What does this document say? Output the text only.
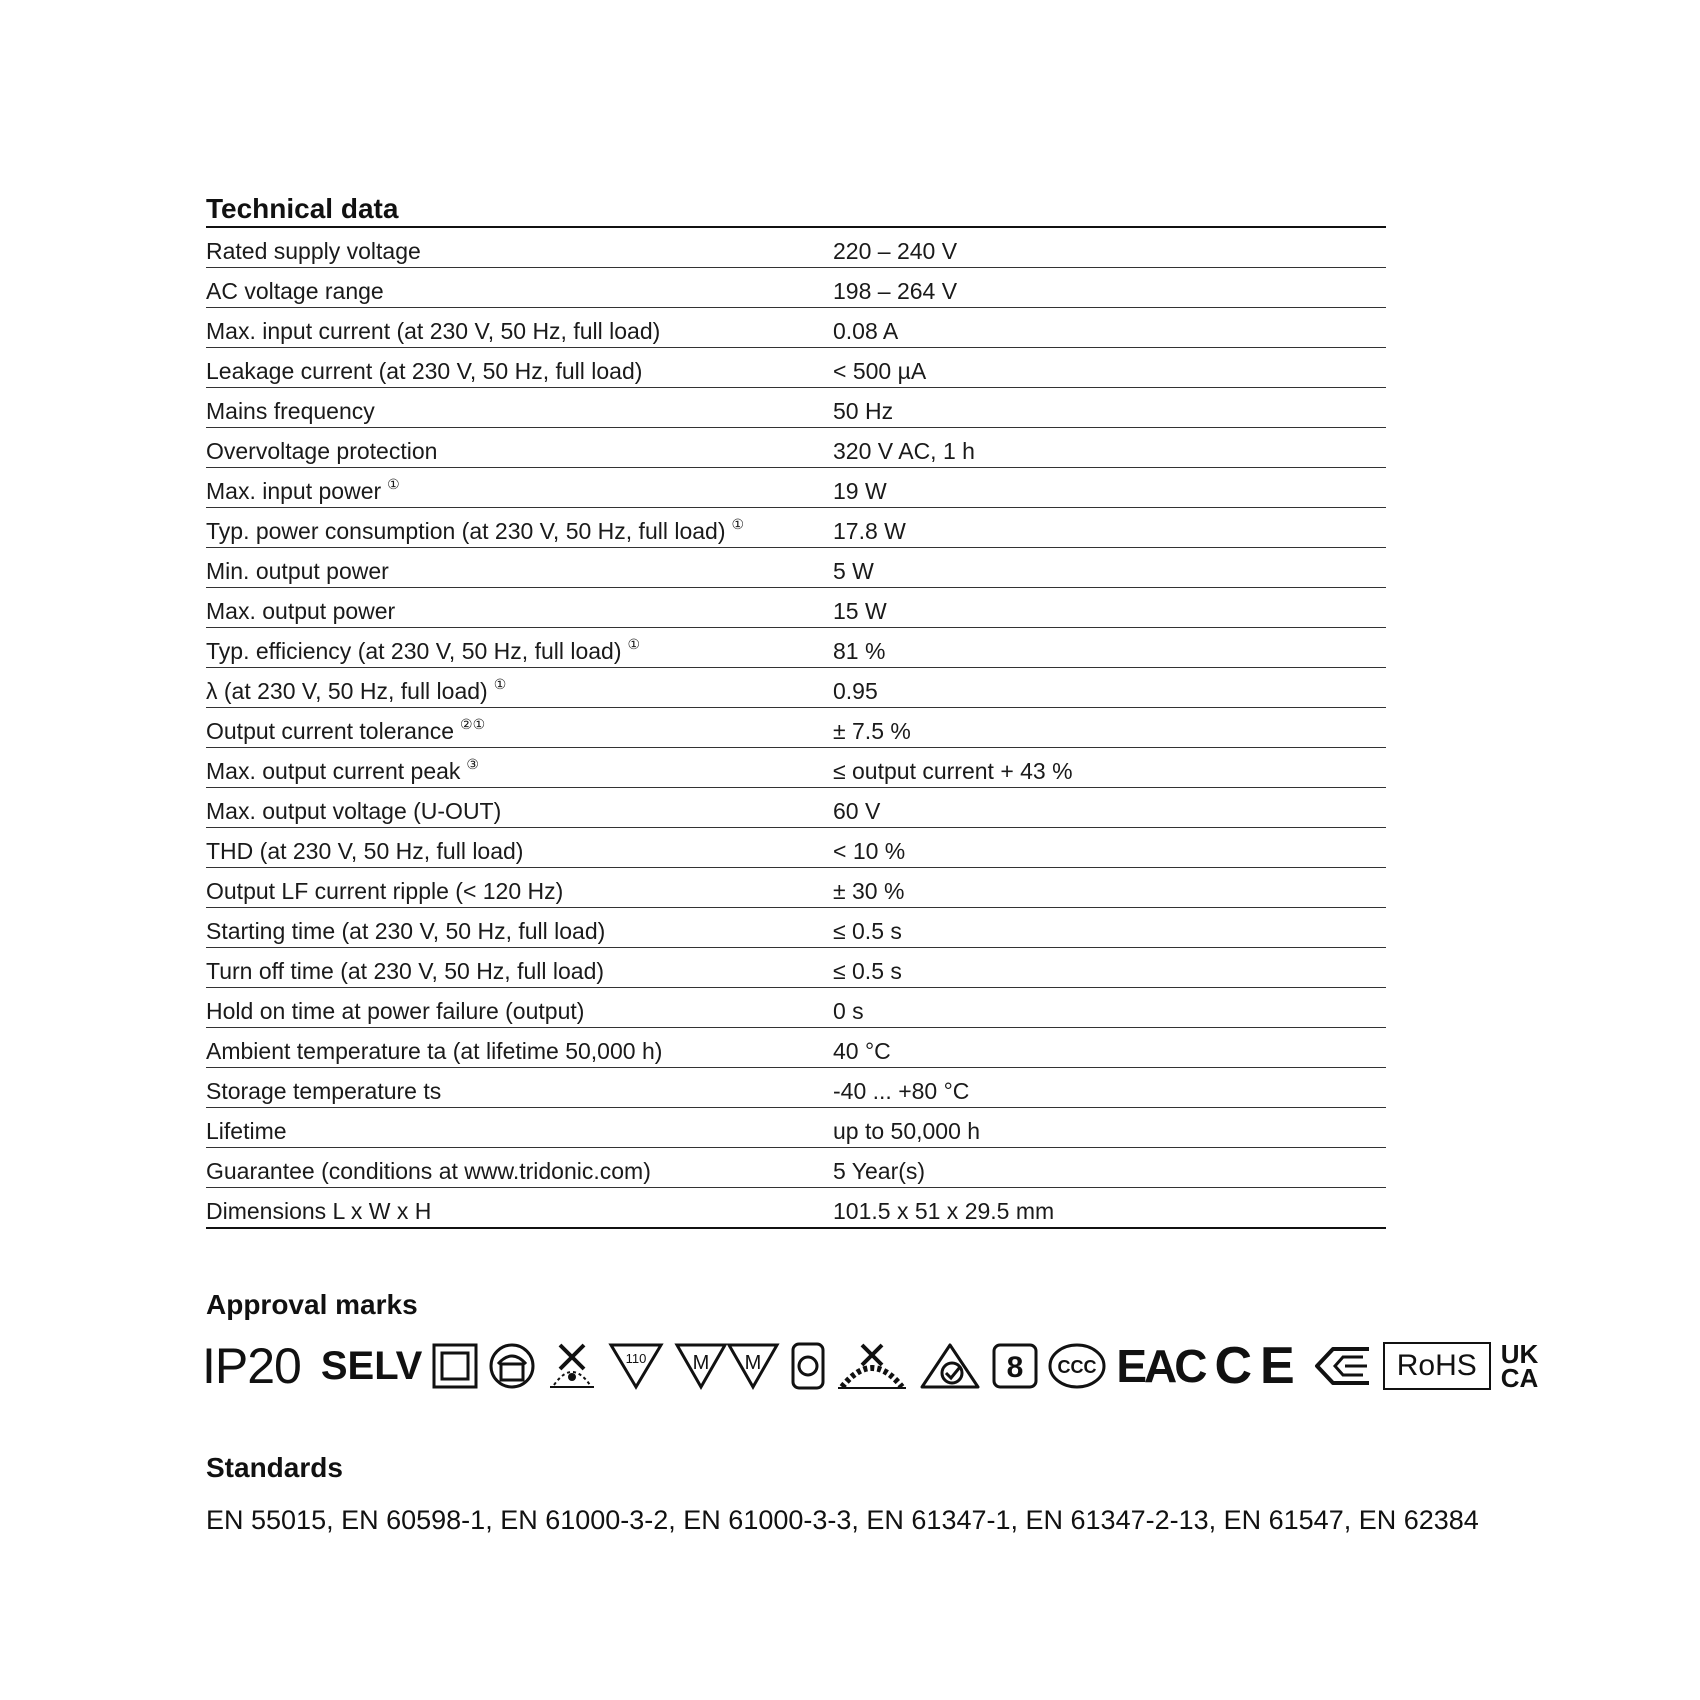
Technical data
Rated supply voltage	220 – 240 V
AC voltage range	198 – 264 V
Max. input current (at 230 V, 50 Hz, full load)	0.08 A
Leakage current (at 230 V, 50 Hz, full load)	< 500 µA
Mains frequency	50 Hz
Overvoltage protection	320 V AC, 1 h
Max. input power ①	19 W
Typ. power consumption (at 230 V, 50 Hz, full load) ①	17.8 W
Min. output power	5 W
Max. output power	15 W
Typ. efficiency (at 230 V, 50 Hz, full load) ①	81 %
λ (at 230 V, 50 Hz, full load) ①	0.95
Output current tolerance ②①	± 7.5 %
Max. output current peak ③	≤ output current + 43 %
Max. output voltage (U-OUT)	60 V
THD (at 230 V, 50 Hz, full load)	< 10 %
Output LF current ripple (< 120 Hz)	± 30 %
Starting time (at 230 V, 50 Hz, full load)	≤ 0.5 s
Turn off time (at 230 V, 50 Hz, full load)	≤ 0.5 s
Hold on time at power failure (output)	0 s
Ambient temperature ta (at lifetime 50,000 h)	40 °C
Storage temperature ts	-40 ... +80 °C
Lifetime	up to 50,000 h
Guarantee (conditions at www.tridonic.com)	5 Year(s)
Dimensions L x W x H	101.5 x 51 x 29.5 mm
Approval marks
IP20 SELV	110 M M	8 CCC EAC CE	RoHS UK
CA
Standards
EN 55015, EN 60598-1, EN 61000-3-2, EN 61000-3-3, EN 61347-1, EN 61347-2-13, EN 61547, EN 62384
